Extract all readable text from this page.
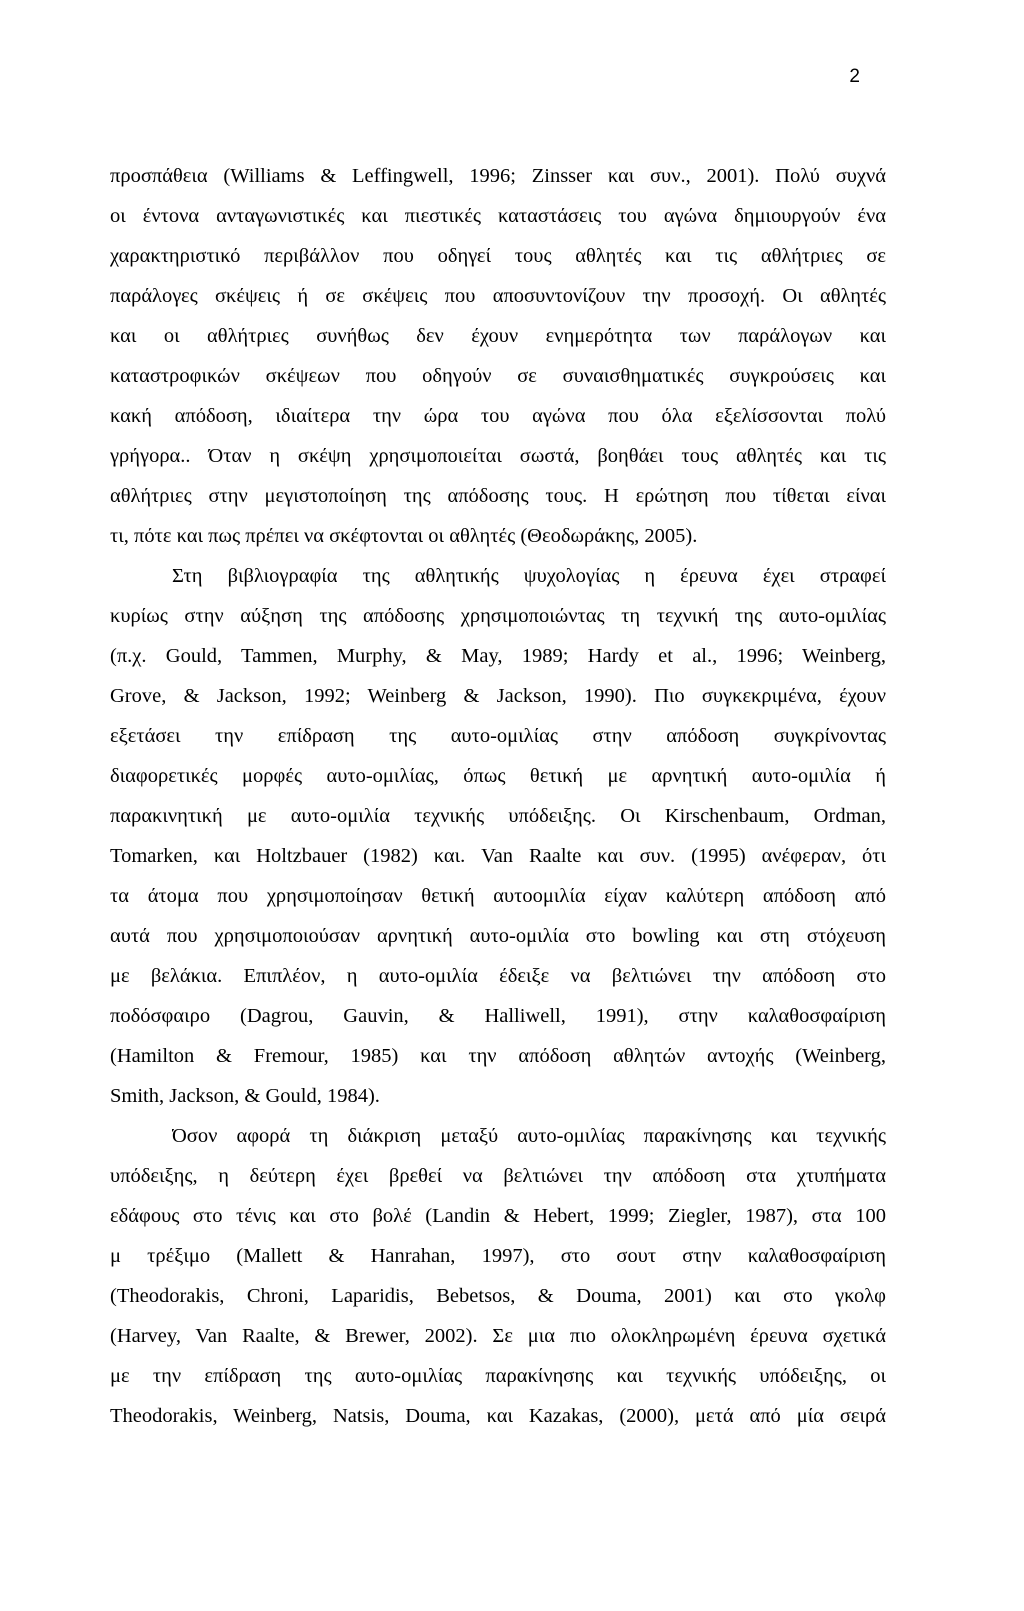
2
προσπάθεια (Williams & Leffingwell, 1996; Zinsser και συν., 2001). Πολύ συχνά
οι έντονα ανταγωνιστικές και πιεστικές καταστάσεις του αγώνα δημιουργούν ένα
χαρακτηριστικό περιβάλλον που οδηγεί τους αθλητές και τις αθλήτριες σε
παράλογες σκέψεις ή σε σκέψεις που αποσυντονίζουν την προσοχή. Οι αθλητές
και οι αθλήτριες συνήθως δεν έχουν ενημερότητα των παράλογων και
καταστροφικών σκέψεων που οδηγούν σε συναισθηματικές συγκρούσεις και
κακή απόδοση, ιδιαίτερα την ώρα του αγώνα που όλα εξελίσσονται πολύ
γρήγορα.. Όταν η σκέψη χρησιμοποιείται σωστά, βοηθάει τους αθλητές και τις
αθλήτριες στην μεγιστοποίηση της απόδοσης τους. Η ερώτηση που τίθεται είναι
τι, πότε και πως πρέπει να σκέφτονται οι αθλητές (Θεοδωράκης, 2005).
Στη βιβλιογραφία της αθλητικής ψυχολογίας η έρευνα έχει στραφεί
κυρίως στην αύξηση της απόδοσης χρησιμοποιώντας τη τεχνική της αυτο-ομιλίας
(π.χ. Gould, Tammen, Murphy, & May, 1989; Hardy et al., 1996; Weinberg,
Grove, & Jackson, 1992; Weinberg & Jackson, 1990). Πιο συγκεκριμένα, έχουν
εξετάσει την επίδραση της αυτο-ομιλίας στην απόδοση συγκρίνοντας
διαφορετικές μορφές αυτο-ομιλίας, όπως θετική με αρνητική αυτο-ομιλία ή
παρακινητική με αυτο-ομιλία τεχνικής υπόδειξης. Οι Kirschenbaum, Ordman,
Tomarken, και Holtzbauer (1982) και. Van Raalte και συν. (1995) ανέφεραν, ότι
τα άτομα που χρησιμοποίησαν θετική αυτοομιλία είχαν καλύτερη απόδοση από
αυτά που χρησιμοποιούσαν αρνητική αυτο-ομιλία στο bowling και στη στόχευση
με βελάκια. Επιπλέον, η αυτο-ομιλία έδειξε να βελτιώνει την απόδοση στο
ποδόσφαιρο (Dagrou, Gauvin, & Halliwell, 1991), στην καλαθοσφαίριση
(Hamilton & Fremour, 1985) και την απόδοση αθλητών αντοχής (Weinberg,
Smith, Jackson, & Gould, 1984).
Όσον αφορά τη διάκριση μεταξύ αυτο-ομιλίας παρακίνησης και τεχνικής
υπόδειξης, η δεύτερη έχει βρεθεί να βελτιώνει την απόδοση στα χτυπήματα
εδάφους στο τένις και στο βολέ (Landin & Hebert, 1999; Ziegler, 1987), στα 100
μ τρέξιμο (Mallett & Hanrahan, 1997), στο σουτ στην καλαθοσφαίριση
(Theodorakis, Chroni, Laparidis, Bebetsos, & Douma, 2001) και στο γκολφ
(Harvey, Van Raalte, & Brewer, 2002). Σε μια πιο ολοκληρωμένη έρευνα σχετικά
με την επίδραση της αυτο-ομιλίας παρακίνησης και τεχνικής υπόδειξης, οι
Theodorakis, Weinberg, Natsis, Douma, και Kazakas, (2000), μετά από μία σειρά
